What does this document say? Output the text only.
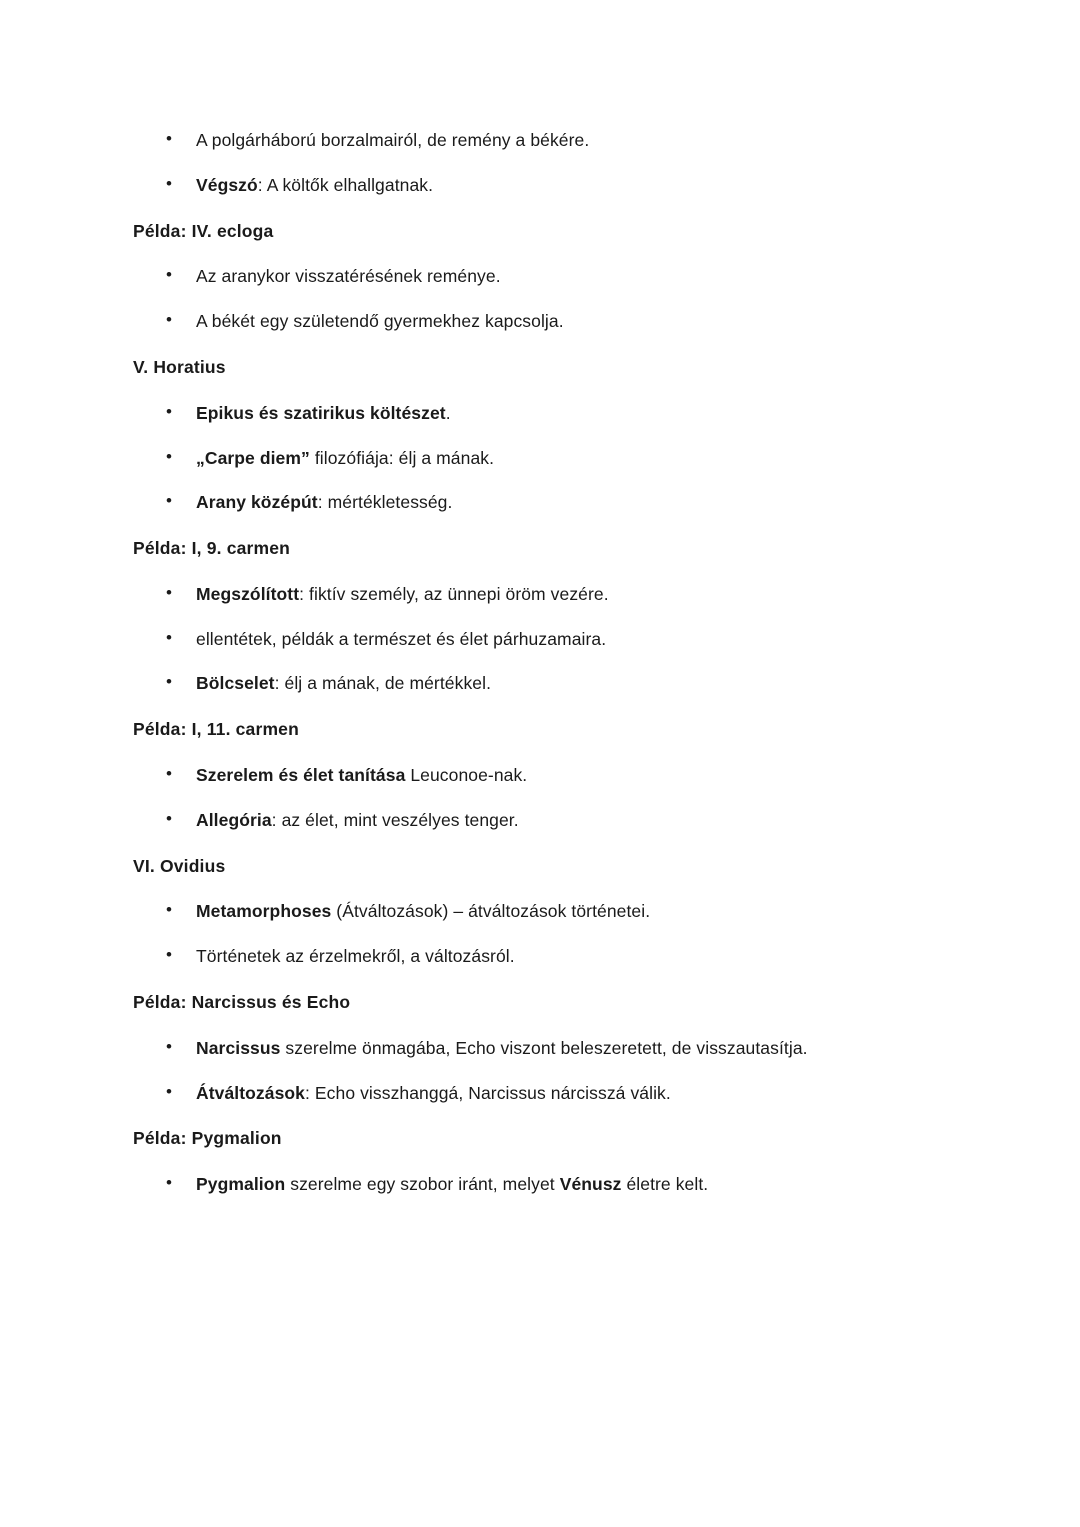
• A polgárháború borzalmairól, de remény a békére.
• Végszó: A költők elhallgatnak.

Példa: IV. ecloga

• Az aranykor visszatérésének reménye.
• A békét egy születendő gyermekhez kapcsolja.

V. Horatius

• Epikus és szatirikus költészet.
• „Carpe diem” filozófiája: élj a mának.
• Arany középút: mértékletesség.

Példa: I, 9. carmen

• Megszólított: fiktív személy, az ünnepi öröm vezére.
• ellentétek, példák a természet és élet párhuzamaira.
• Bölcselet: élj a mának, de mértékkel.

Példa: I, 11. carmen

• Szerelem és élet tanítása Leuconoe-nak.
• Allegória: az élet, mint veszélyes tenger.

VI. Ovidius

• Metamorphoses (Átváltozások) – átváltozások történetei.
• Történetek az érzelmekről, a változásról.

Példa: Narcissus és Echo

• Narcissus szerelme önmagába, Echo viszont beleszeretett, de visszautasítja.
• Átváltozások: Echo visszhanggá, Narcissus nárcisszá válik.

Példa: Pygmalion

• Pygmalion szerelme egy szobor iránt, melyet Vénusz életre kelt.
